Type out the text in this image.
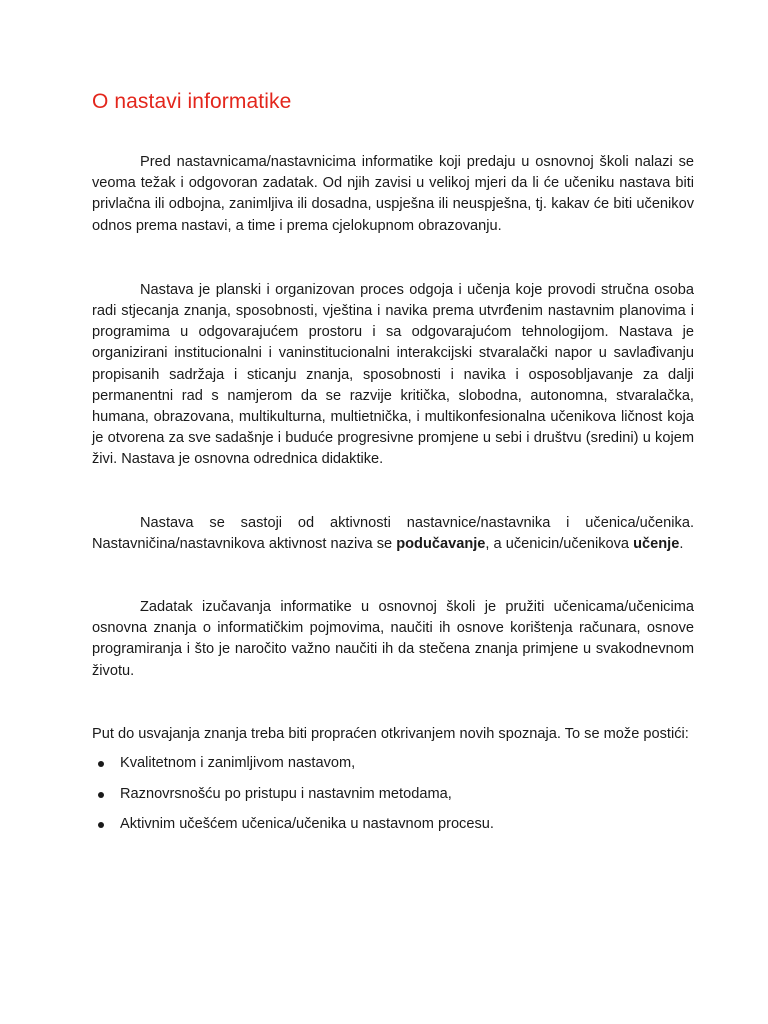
O nastavi informatike

Pred nastavnicama/nastavnicima informatike koji predaju u osnovnoj školi nalazi se veoma težak i odgovoran zadatak. Od njih zavisi u velikoj mjeri da li će učeniku nastava biti privlačna ili odbojna, zanimljiva ili dosadna, uspješna ili neuspješna, tj. kakav će biti učenikov odnos prema nastavi, a time i prema cjelokupnom obrazovanju.

Nastava je planski i organizovan proces odgoja i učenja koje provodi stručna osoba radi stjecanja znanja, sposobnosti, vještina i navika prema utvrđenim nastavnim planovima i programima u odgovarajućem prostoru i sa odgovarajućom tehnologijom. Nastava je organizirani institucionalni i vaninstitucionalni interakcijski stvaralački napor u savlađivanju propisanih sadržaja i sticanju znanja, sposobnosti i navika i osposobljavanje za dalji permanentni rad s namjerom da se razvije kritička, slobodna, autonomna, stvaralačka, humana, obrazovana, multikulturna, multietnička, i multikonfesionalna učenikova ličnost koja je otvorena za sve sadašnje i buduće progresivne promjene u sebi i društvu (sredini) u kojem živi. Nastava je osnovna odrednica didaktike.

Nastava se sastoji od aktivnosti nastavnice/nastavnika i učenica/učenika. Nastavničina/nastavnikova aktivnost naziva se podučavanje, a učenicin/učenikova učenje.

Zadatak izučavanja informatike u osnovnoj školi je pružiti učenicama/učenicima osnovna znanja o informatičkim pojmovima, naučiti ih osnove korištenja računara, osnove programiranja i što je naročito važno naučiti ih da stečena znanja primjene u svakodnevnom životu.

Put do usvajanja znanja treba biti propraćen otkrivanjem novih spoznaja. To se može postići:

Kvalitetnom i zanimljivom nastavom,
Raznovrsnošću po pristupu i nastavnim metodama,
Aktivnim učešćem učenica/učenika u nastavnom procesu.
